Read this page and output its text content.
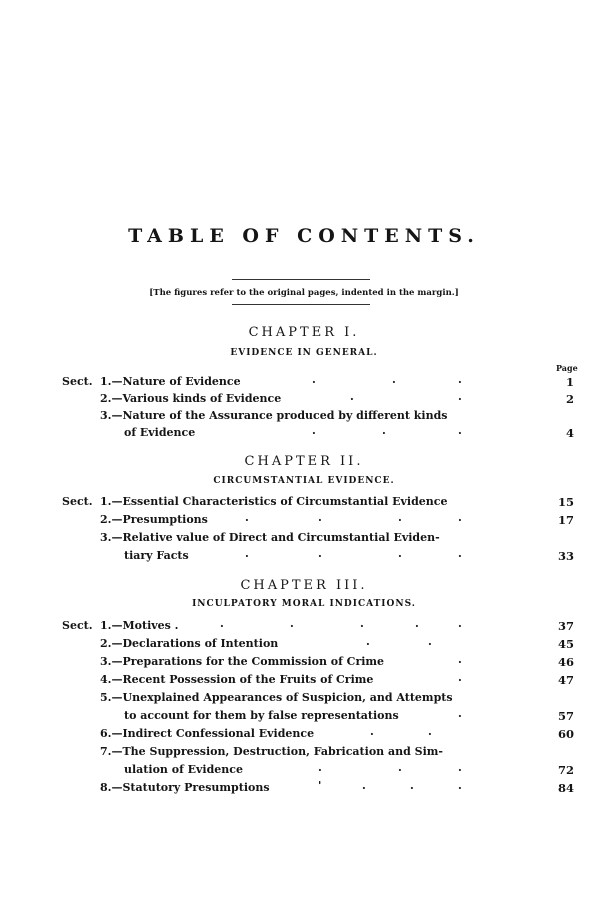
TABLE OF CONTENTS.
[The figures refer to the original pages, indented in the margin.]
CHAPTER I.
EVIDENCE IN GENERAL.
Page
Sect. 1.—Nature of Evidence	.	.	.	1
2.—Various kinds of Evidence	.	.	2
3.—Nature of the Assurance produced by different kinds
of Evidence	.	.	.	4
CHAPTER II.
CIRCUMSTANTIAL EVIDENCE.
Sect. 1.—Essential Characteristics of Circumstantial Evidence	15
2.—Presumptions	.	.	.	.	17
3.—Relative value of Direct and Circumstantial Eviden-
tiary Facts	.	.	.	.	33
CHAPTER III.
INCULPATORY MORAL INDICATIONS.
Sect. 1.—Motives .	.	.	.	.	.	37
2.—Declarations of Intention	.	.	45
3.—Preparations for the Commission of Crime	.	46
4.—Recent Possession of the Fruits of Crime	.	47
5.—Unexplained Appearances of Suspicion, and Attempts
to account for them by false representations	.	57
6.—Indirect Confessional Evidence	.	.	60
7.—The Suppression, Destruction, Fabrication and Sim-
ulation of Evidence	.	.	.	72
8.—Statutory Presumptions	'	.	.	.	84
